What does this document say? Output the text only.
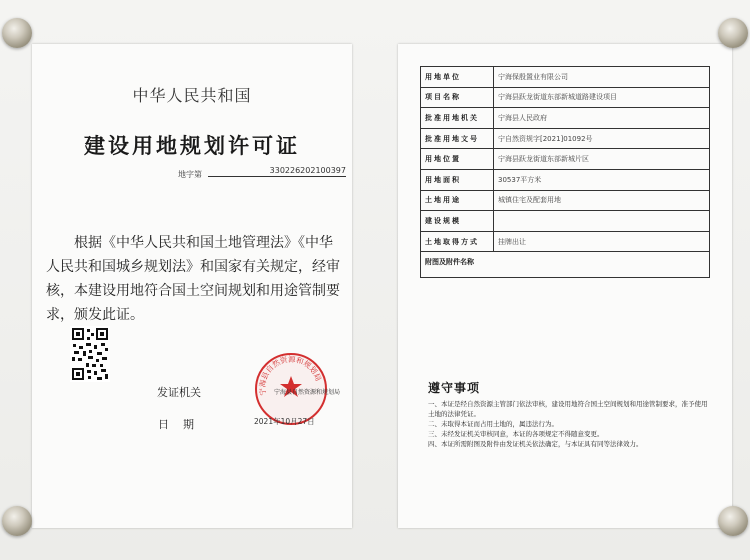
中华人民共和国
建设用地规划许可证
地字第	330226202100397
根据《中华人民共和国土地管理法》《中华人民共和国城乡规划法》和国家有关规定，经审核，本建设用地符合国土空间规划和用途管制要求，颁发此证。
发证机关
日期
宁海县自然资源和规划局
宁海县自然资源和规划局
2021年10月27日
用地单位	宁海保殷置业有限公司
项目名称	宁海县跃龙街道东部新城道路建设项目
批准用地机关	宁海县人民政府
批准用地文号	宁自然资规字[2021]01092号
用地位置	宁海县跃龙街道东部新城片区
用地面积	30537平方米
土地用途	城镇住宅及配套用地
建设规模	
土地取得方式	挂牌出让
附图及附件名称	
遵守事项
一、本证是经自然资源主管部门依法审核，建设用地符合国土空间规划和用途管制要求，准予使用土地的法律凭证。
二、未取得本证而占用土地的，属违法行为。
三、未经发证机关审核同意，本证的各项规定不得随意变更。
四、本证所需附图及附件由发证机关依法确定，与本证具有同等法律效力。
